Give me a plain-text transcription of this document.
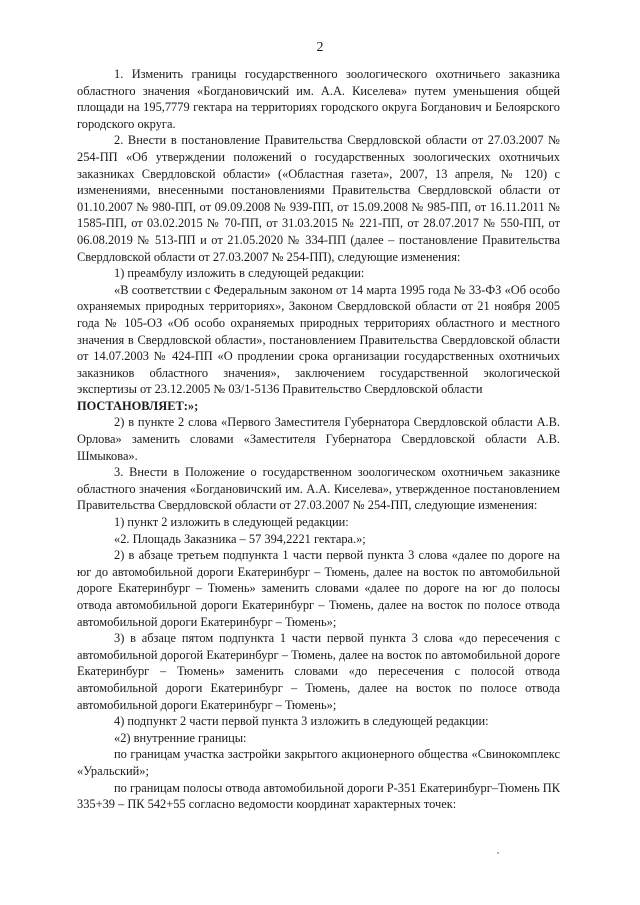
2

1. Изменить границы государственного зоологического охотничьего заказника областного значения «Богдановичский им. А.А. Киселева» путем уменьшения общей площади на 195,7779 гектара на территориях городского округа Богданович и Белоярского городского округа.

2. Внести в постановление Правительства Свердловской области от 27.03.2007 № 254-ПП «Об утверждении положений о государственных зоологических охотничьих заказниках Свердловской области» («Областная газета», 2007, 13 апреля, № 120) с изменениями, внесенными постановлениями Правительства Свердловской области от 01.10.2007 № 980-ПП, от 09.09.2008 № 939-ПП, от 15.09.2008 № 985-ПП, от 16.11.2011 № 1585-ПП, от 03.02.2015 № 70-ПП, от 31.03.2015 № 221-ПП, от 28.07.2017 № 550-ПП, от 06.08.2019 № 513-ПП и от 21.05.2020 № 334-ПП (далее – постановление Правительства Свердловской области от 27.03.2007 № 254-ПП), следующие изменения:

1) преамбулу изложить в следующей редакции:

«В соответствии с Федеральным законом от 14 марта 1995 года № 33-ФЗ «Об особо охраняемых природных территориях», Законом Свердловской области от 21 ноября 2005 года № 105-ОЗ «Об особо охраняемых природных территориях областного и местного значения в Свердловской области», постановлением Правительства Свердловской области от 14.07.2003 № 424-ПП «О продлении срока организации государственных охотничьих заказников областного значения», заключением государственной экологической экспертизы от 23.12.2005 № 03/1-5136 Правительство Свердловской области

ПОСТАНОВЛЯЕТ:»;

2) в пункте 2 слова «Первого Заместителя Губернатора Свердловской области А.В. Орлова» заменить словами «Заместителя Губернатора Свердловской области А.В. Шмыкова».

3. Внести в Положение о государственном зоологическом охотничьем заказнике областного значения «Богдановичский им. А.А. Киселева», утвержденное постановлением Правительства Свердловской области от 27.03.2007 № 254-ПП, следующие изменения:

1) пункт 2 изложить в следующей редакции:

«2. Площадь Заказника – 57 394,2221 гектара.»;

2) в абзаце третьем подпункта 1 части первой пункта 3 слова «далее по дороге на юг до автомобильной дороги Екатеринбург – Тюмень, далее на восток по автомобильной дороге Екатеринбург – Тюмень» заменить словами «далее по дороге на юг до полосы отвода автомобильной дороги Екатеринбург – Тюмень, далее на восток по полосе отвода автомобильной дороги Екатеринбург – Тюмень»;

3) в абзаце пятом подпункта 1 части первой пункта 3 слова «до пересечения с автомобильной дорогой Екатеринбург – Тюмень, далее на восток по автомобильной дороге Екатеринбург – Тюмень» заменить словами «до пересечения с полосой отвода автомобильной дороги Екатеринбург – Тюмень, далее на восток по полосе отвода автомобильной дороги Екатеринбург – Тюмень»;

4) подпункт 2 части первой пункта 3 изложить в следующей редакции:

«2) внутренние границы:

по границам участка застройки закрытого акционерного общества «Свинокомплекс «Уральский»;

по границам полосы отвода автомобильной дороги Р-351 Екатеринбург–Тюмень ПК 335+39 – ПК 542+55 согласно ведомости координат характерных точек:
